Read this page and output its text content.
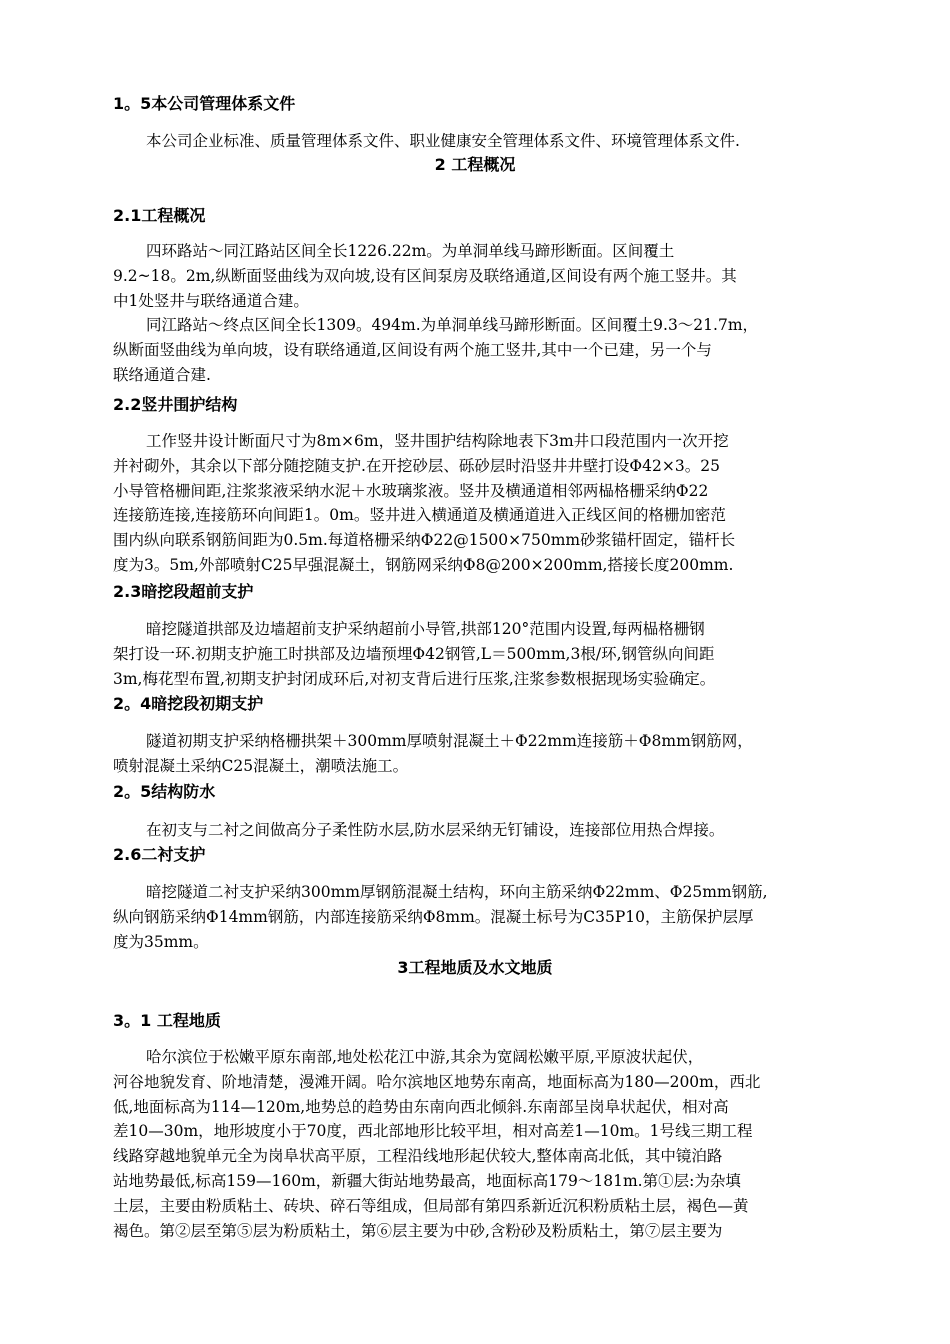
1。5本公司管理体系文件
本公司企业标准、质量管理体系文件、职业健康安全管理体系文件、环境管理体系文件.
2 工程概况
2.1工程概况
四环路站～同江路站区间全长1226.22m。为单洞单线马蹄形断面。区间覆土
9.2~18。2m,纵断面竖曲线为双向坡,设有区间泵房及联络通道,区间设有两个施工竖井。其
中1处竖井与联络通道合建。
同江路站～终点区间全长1309。494m.为单洞单线马蹄形断面。区间覆土9.3～21.7m，
纵断面竖曲线为单向坡，设有联络通道,区间设有两个施工竖井,其中一个已建，另一个与
联络通道合建.
2.2竖井围护结构
工作竖井设计断面尺寸为8m×6m，竖井围护结构除地表下3m井口段范围内一次开挖
并衬砌外，其余以下部分随挖随支护.在开挖砂层、砾砂层时沿竖井井壁打设Φ42×3。25
小导管格栅间距,注浆浆液采纳水泥＋水玻璃浆液。竖井及横通道相邻两榀格栅采纳Φ22
连接筋连接,连接筋环向间距1。0m。竖井进入横通道及横通道进入正线区间的格栅加密范
围内纵向联系钢筋间距为0.5m.每道格栅采纳Φ22@1500×750mm砂浆锚杆固定，锚杆长
度为3。5m,外部喷射C25早强混凝土，钢筋网采纳Φ8@200×200mm,搭接长度200mm.
2.3暗挖段超前支护
暗挖隧道拱部及边墙超前支护采纳超前小导管,拱部120°范围内设置,每两榀格栅钢
架打设一环.初期支护施工时拱部及边墙预埋Φ42钢管,L＝500mm,3根/环,钢管纵向间距
3m,梅花型布置,初期支护封闭成环后,对初支背后进行压浆,注浆参数根据现场实验确定。
2。4暗挖段初期支护
隧道初期支护采纳格栅拱架＋300mm厚喷射混凝土＋Φ22mm连接筋＋Φ8mm钢筋网，
喷射混凝土采纳C25混凝土，潮喷法施工。
2。5结构防水
在初支与二衬之间做高分子柔性防水层,防水层采纳无钉铺设，连接部位用热合焊接。
2.6二衬支护
暗挖隧道二衬支护采纳300mm厚钢筋混凝土结构，环向主筋采纳Φ22mm、Φ25mm钢筋,
纵向钢筋采纳Φ14mm钢筋，内部连接筋采纳Φ8mm。混凝土标号为C35P10，主筋保护层厚
度为35mm。
3工程地质及水文地质
3。1 工程地质
哈尔滨位于松嫩平原东南部,地处松花江中游,其余为宽阔松嫩平原,平原波状起伏，
河谷地貌发育、阶地清楚，漫滩开阔。哈尔滨地区地势东南高，地面标高为180—200m，西北
低,地面标高为114—120m,地势总的趋势由东南向西北倾斜.东南部呈岗阜状起伏，相对高
差10—30m，地形坡度小于70度，西北部地形比较平坦，相对高差1—10m。1号线三期工程
线路穿越地貌单元全为岗阜状高平原，工程沿线地形起伏较大,整体南高北低，其中镜泊路
站地势最低,标高159—160m，新疆大街站地势最高，地面标高179～181m.第①层:为杂填
土层，主要由粉质粘土、砖块、碎石等组成，但局部有第四系新近沉积粉质粘土层，褐色—黄
褐色。第②层至第⑤层为粉质粘土，第⑥层主要为中砂,含粉砂及粉质粘土，第⑦层主要为
